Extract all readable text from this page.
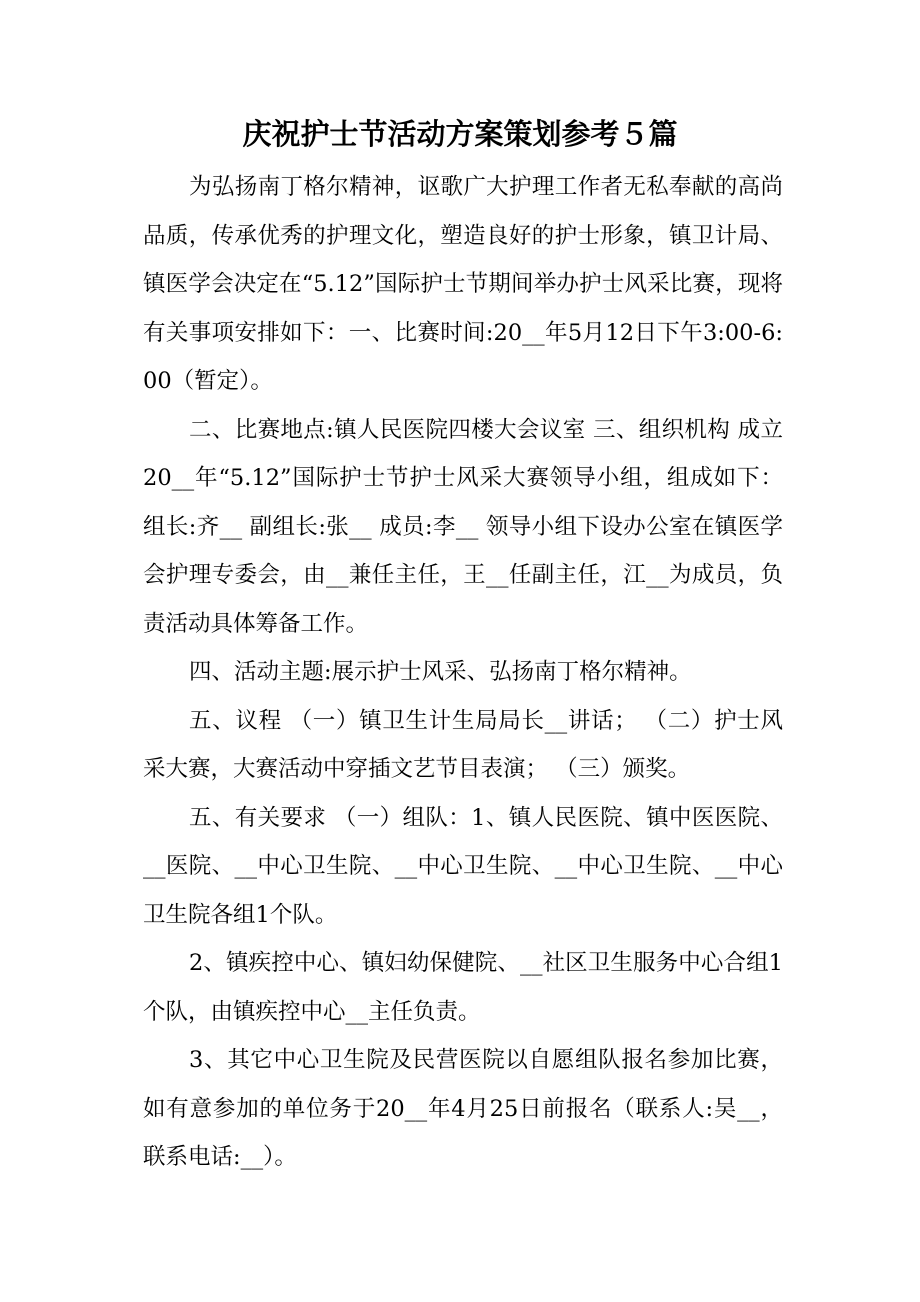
庆祝护士节活动方案策划参考５篇

为弘扬南丁格尔精神，讴歌广大护理工作者无私奉献的高尚品质，传承优秀的护理文化，塑造良好的护士形象，镇卫计局、镇医学会决定在“5.12”国际护士节期间举办护士风采比赛，现将有关事项安排如下：一、比赛时间:20__年5月12日下午3:00-6:00（暂定）。

二、比赛地点:镇人民医院四楼大会议室 三、组织机构 成立20__年“5.12”国际护士节护士风采大赛领导小组，组成如下：组长:齐__ 副组长:张__ 成员:李__ 领导小组下设办公室在镇医学会护理专委会，由__兼任主任，王__任副主任，江__为成员，负责活动具体筹备工作。

四、活动主题:展示护士风采、弘扬南丁格尔精神。

五、议程 （一）镇卫生计生局局长__讲话； （二）护士风采大赛，大赛活动中穿插文艺节目表演； （三）颁奖。

五、有关要求 （一）组队：1、镇人民医院、镇中医医院、__医院、__中心卫生院、__中心卫生院、__中心卫生院、__中心卫生院各组1个队。

2、镇疾控中心、镇妇幼保健院、__社区卫生服务中心合组1个队，由镇疾控中心__主任负责。

3、其它中心卫生院及民营医院以自愿组队报名参加比赛，如有意参加的单位务于20__年4月25日前报名（联系人:吴__，联系电话:__）。
